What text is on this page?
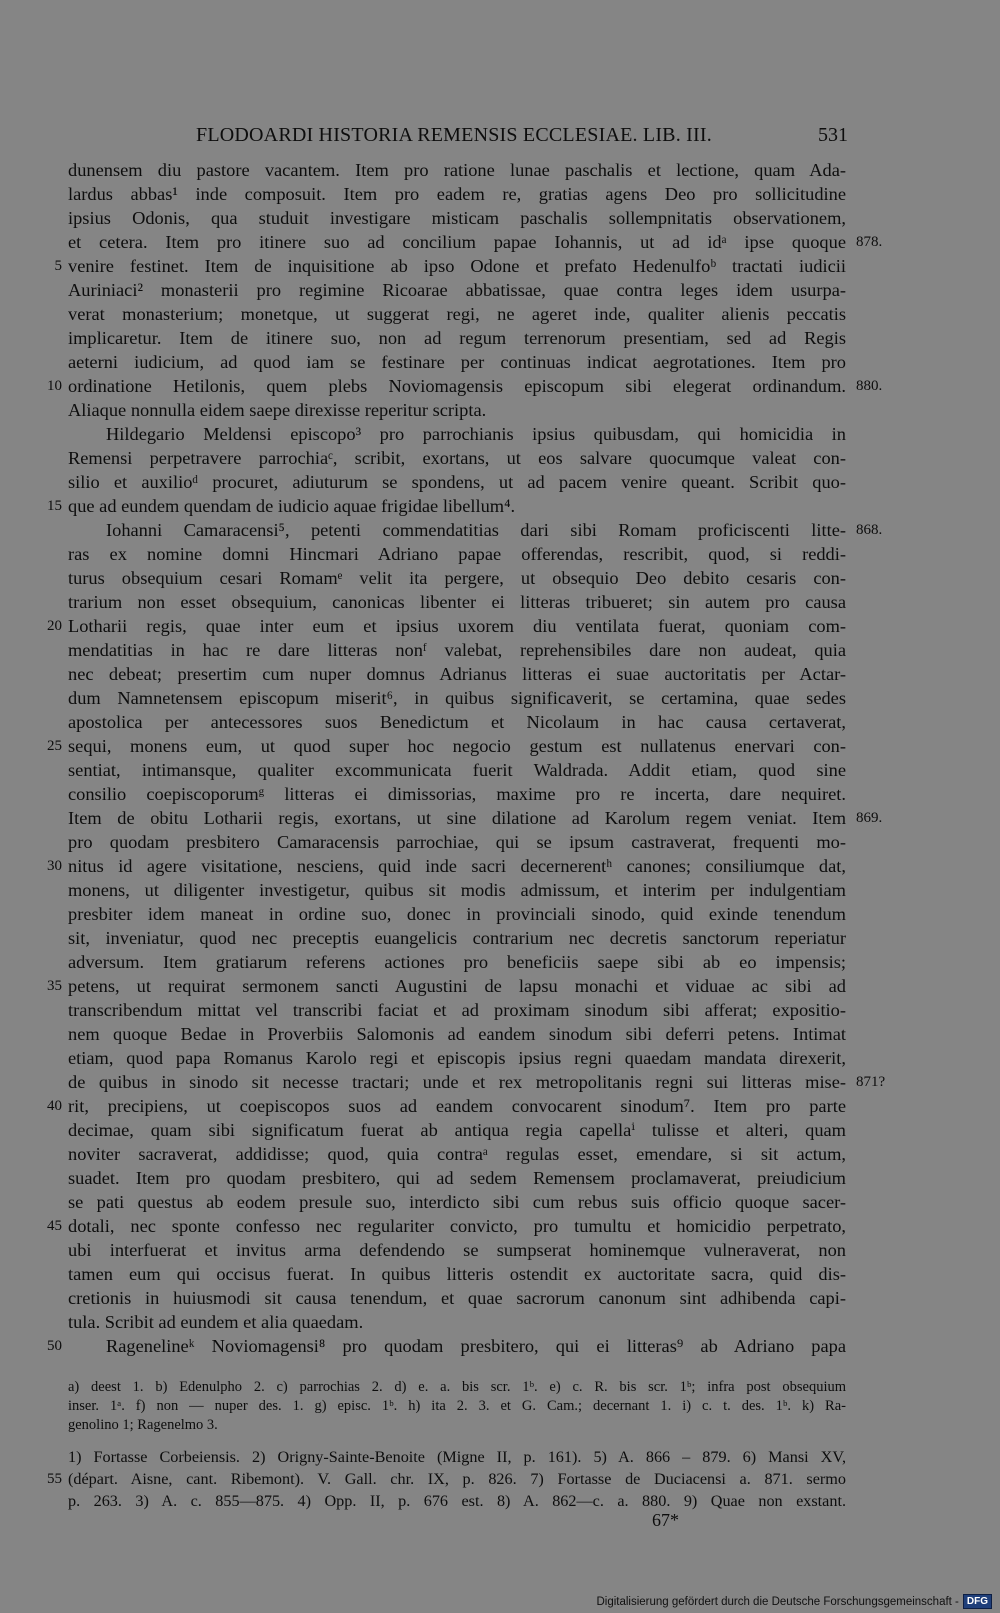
FLODOARDI HISTORIA REMENSIS ECCLESIAE. LIB. III.	531
dunensem diu pastore vacantem. Item pro ratione lunae paschalis et lectione, quam Ada-
lardus abbas¹ inde composuit. Item pro eadem re, gratias agens Deo pro sollicitudine
ipsius Odonis, qua studuit investigare misticam paschalis sollempnitatis observationem,
et cetera. Item pro itinere suo ad concilium papae Iohannis, ut ad idᵃ ipse quoque 878.
5 venire festinet. Item de inquisitione ab ipso Odone et prefato Hedenulfoᵇ tractati iudicii
Auriniaci² monasterii pro regimine Ricoarae abbatissae, quae contra leges idem usurpa-
verat monasterium; monetque, ut suggerat regi, ne ageret inde, qualiter alienis peccatis
implicaretur. Item de itinere suo, non ad regum terrenorum presentiam, sed ad Regis
aeterni iudicium, ad quod iam se festinare per continuas indicat aegrotationes. Item pro
10 ordinatione Hetilonis, quem plebs Noviomagensis episcopum sibi elegerat ordinandum. 880.
Aliaque nonnulla eidem saepe direxisse reperitur scripta.
Hildegario Meldensi episcopo³ pro parrochianis ipsius quibusdam, qui homicidia in
Remensi perpetravere parrochiaᶜ, scribit, exortans, ut eos salvare quocumque valeat con-
silio et auxilioᵈ procuret, adiuturum se spondens, ut ad pacem venire queant. Scribit quo-
15 que ad eundem quendam de iudicio aquae frigidae libellum⁴.
Iohanni Camaracensi⁵, petenti commendatitias dari sibi Romam proficiscenti litte- 868.
ras ex nomine domni Hincmari Adriano papae offerendas, rescribit, quod, si reddi-
turus obsequium cesari Romamᵉ velit ita pergere, ut obsequio Deo debito cesaris con-
trarium non esset obsequium, canonicas libenter ei litteras tribueret; sin autem pro causa
20 Lotharii regis, quae inter eum et ipsius uxorem diu ventilata fuerat, quoniam com-
mendatitias in hac re dare litteras nonᶠ valebat, reprehensibiles dare non audeat, quia
nec debeat; presertim cum nuper domnus Adrianus litteras ei suae auctoritatis per Actar-
dum Namnetensem episcopum miserit⁶, in quibus significaverit, se certamina, quae sedes
apostolica per antecessores suos Benedictum et Nicolaum in hac causa certaverat,
25 sequi, monens eum, ut quod super hoc negocio gestum est nullatenus enervari con-
sentiat, intimansque, qualiter excommunicata fuerit Waldrada. Addit etiam, quod sine
consilio coepiscoporumᵍ litteras ei dimissorias, maxime pro re incerta, dare nequiret.
Item de obitu Lotharii regis, exortans, ut sine dilatione ad Karolum regem veniat. Item 869.
pro quodam presbitero Camaracensis parrochiae, qui se ipsum castraverat, frequenti mo-
30 nitus id agere visitatione, nesciens, quid inde sacri decernerentʰ canones; consiliumque dat,
monens, ut diligenter investigetur, quibus sit modis admissum, et interim per indulgentiam
presbiter idem maneat in ordine suo, donec in provinciali sinodo, quid exinde tenendum
sit, inveniatur, quod nec preceptis euangelicis contrarium nec decretis sanctorum reperiatur
adversum. Item gratiarum referens actiones pro beneficiis saepe sibi ab eo impensis;
35 petens, ut requirat sermonem sancti Augustini de lapsu monachi et viduae ac sibi ad
transcribendum mittat vel transcribi faciat et ad proximam sinodum sibi afferat; expositio-
nem quoque Bedae in Proverbiis Salomonis ad eandem sinodum sibi deferri petens. Intimat
etiam, quod papa Romanus Karolo regi et episcopis ipsius regni quaedam mandata direxerit,
de quibus in sinodo sit necesse tractari; unde et rex metropolitanis regni sui litteras mise- 871?
40 rit, precipiens, ut coepiscopos suos ad eandem convocarent sinodum⁷. Item pro parte
decimae, quam sibi significatum fuerat ab antiqua regia capellaⁱ tulisse et alteri, quam
noviter sacraverat, addidisse; quod, quia contraᵃ regulas esset, emendare, si sit actum,
suadet. Item pro quodam presbitero, qui ad sedem Remensem proclamaverat, preiudicium
se pati questus ab eodem presule suo, interdicto sibi cum rebus suis officio quoque sacer-
45 dotali, nec sponte confesso nec regulariter convicto, pro tumultu et homicidio perpetrato,
ubi interfuerat et invitus arma defendendo se sumpserat hominemque vulneraverat, non
tamen eum qui occisus fuerat. In quibus litteris ostendit ex auctoritate sacra, quid dis-
cretionis in huiusmodi sit causa tenendum, et quae sacrorum canonum sint adhibenda capi-
tula. Scribit ad eundem et alia quaedam.
50 Ragenelineᵏ Noviomagensi⁸ pro quodam presbitero, qui ei litteras⁹ ab Adriano papa
a) deest 1. b) Edenulpho 2. c) parrochias 2. d) e. a. bis scr. 1ᵇ. e) c. R. bis scr. 1ᵇ; infra post obsequium
inser. 1ᵃ. f) non — nuper des. 1. g) episc. 1ᵇ. h) ita 2. 3. et G. Cam.; decernant 1. i) c. t. des. 1ᵇ. k) Ra-
genolino 1; Ragenelmo 3.
1) Fortasse Corbeiensis. 2) Origny-Sainte-Benoite (Migne II, p. 161). 5) A. 866 – 879. 6) Mansi XV,
55 (départ. Aisne, cant. Ribemont). V. Gall. chr. IX, p. 826. 7) Fortasse de Duciacensi a. 871. sermo
p. 263. 3) A. c. 855—875. 4) Opp. II, p. 676 est. 8) A. 862—c. a. 880. 9) Quae non exstant.
67*
Digitalisierung gefördert durch die Deutsche Forschungsgemeinschaft - DFG
